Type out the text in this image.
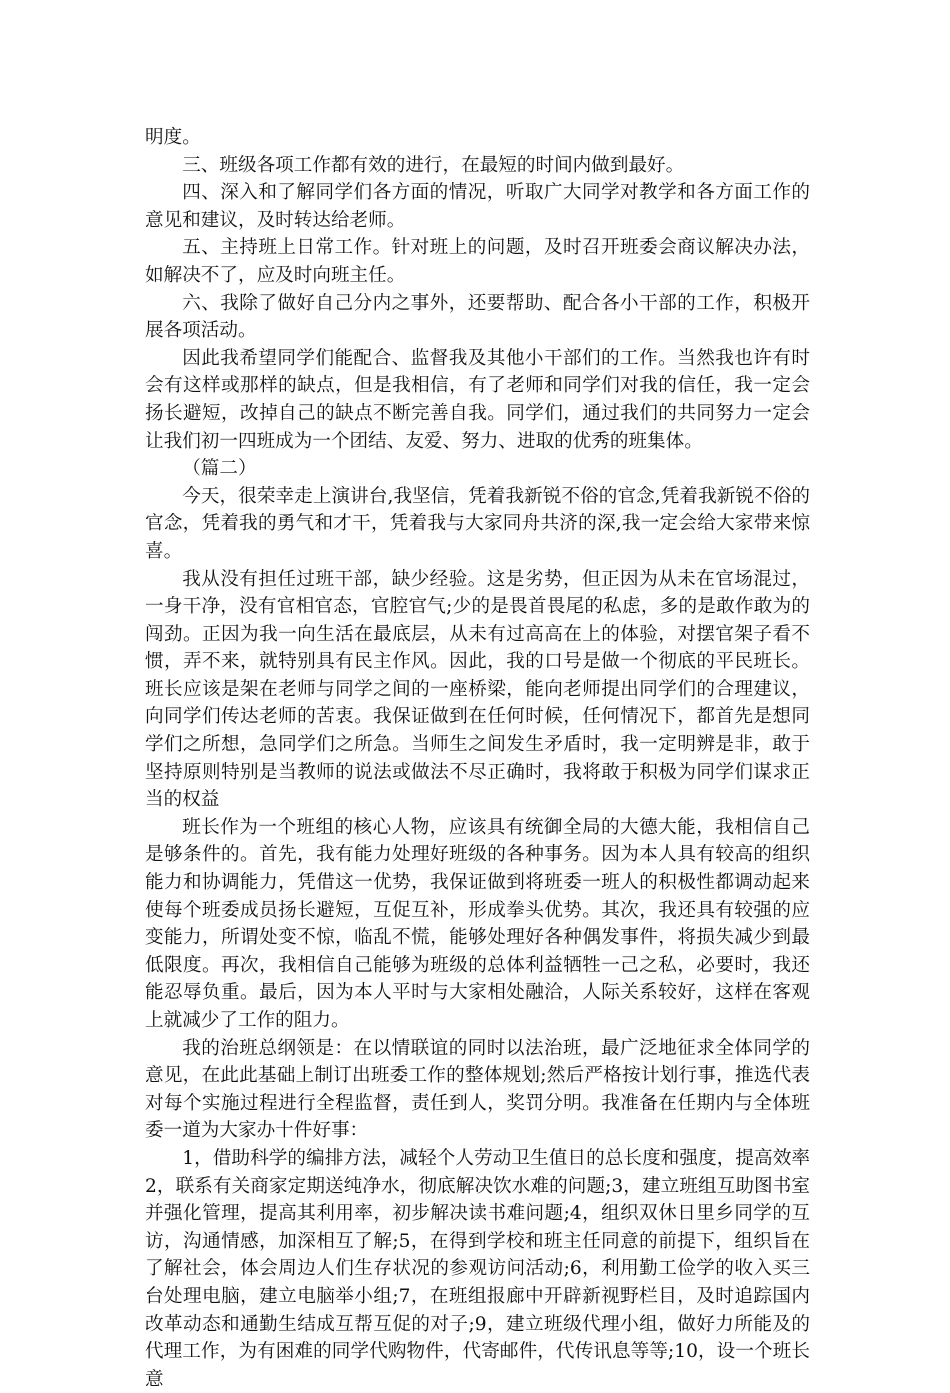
明度。

三、班级各项工作都有效的进行，在最短的时间内做到最好。

四、深入和了解同学们各方面的情况，听取广大同学对教学和各方面工作的意见和建议，及时转达给老师。

五、主持班上日常工作。针对班上的问题，及时召开班委会商议解决办法，如解决不了，应及时向班主任。

六、我除了做好自己分内之事外，还要帮助、配合各小干部的工作，积极开展各项活动。

因此我希望同学们能配合、监督我及其他小干部们的工作。当然我也许有时会有这样或那样的缺点，但是我相信，有了老师和同学们对我的信任，我一定会扬长避短，改掉自己的缺点不断完善自我。同学们，通过我们的共同努力一定会让我们初一四班成为一个团结、友爱、努力、进取的优秀的班集体。

（篇二）

今天，很荣幸走上演讲台,我坚信，凭着我新锐不俗的官念,凭着我新锐不俗的官念，凭着我的勇气和才干，凭着我与大家同舟共济的深,我一定会给大家带来惊喜。

我从没有担任过班干部，缺少经验。这是劣势，但正因为从未在官场混过，一身干净，没有官相官态，官腔官气;少的是畏首畏尾的私虑，多的是敢作敢为的闯劲。正因为我一向生活在最底层，从未有过高高在上的体验，对摆官架子看不惯，弄不来，就特别具有民主作风。因此，我的口号是做一个彻底的平民班长。班长应该是架在老师与同学之间的一座桥梁，能向老师提出同学们的合理建议，向同学们传达老师的苦衷。我保证做到在任何时候，任何情况下，都首先是想同学们之所想，急同学们之所急。当师生之间发生矛盾时，我一定明辨是非，敢于坚持原则特别是当教师的说法或做法不尽正确时，我将敢于积极为同学们谋求正当的权益

班长作为一个班组的核心人物，应该具有统御全局的大德大能，我相信自己是够条件的。首先，我有能力处理好班级的各种事务。因为本人具有较高的组织能力和协调能力，凭借这一优势，我保证做到将班委一班人的积极性都调动起来使每个班委成员扬长避短，互促互补，形成拳头优势。其次，我还具有较强的应变能力，所谓处变不惊，临乱不慌，能够处理好各种偶发事件，将损失减少到最低限度。再次，我相信自己能够为班级的总体利益牺牲一己之私，必要时，我还能忍辱负重。最后，因为本人平时与大家相处融洽，人际关系较好，这样在客观上就减少了工作的阻力。

我的治班总纲领是：在以情联谊的同时以法治班，最广泛地征求全体同学的意见，在此此基础上制订出班委工作的整体规划;然后严格按计划行事，推选代表对每个实施过程进行全程监督，责任到人，奖罚分明。我准备在任期内与全体班委一道为大家办十件好事：

1，借助科学的编排方法，减轻个人劳动卫生值日的总长度和强度，提高效率2，联系有关商家定期送纯净水，彻底解决饮水难的问题;3，建立班组互助图书室并强化管理，提高其利用率，初步解决读书难问题;4，组织双休日里乡同学的互访，沟通情感，加深相互了解;5，在得到学校和班主任同意的前提下，组织旨在了解社会，体会周边人们生存状况的参观访问活动;6，利用勤工俭学的收入买三台处理电脑，建立电脑举小组;7，在班组报廊中开辟新视野栏目，及时追踪国内改革动态和通勤生结成互帮互促的对子;9，建立班级代理小组，做好力所能及的代理工作，为有困难的同学代购物件，代寄邮件，代传讯息等等;10，设一个班长意
